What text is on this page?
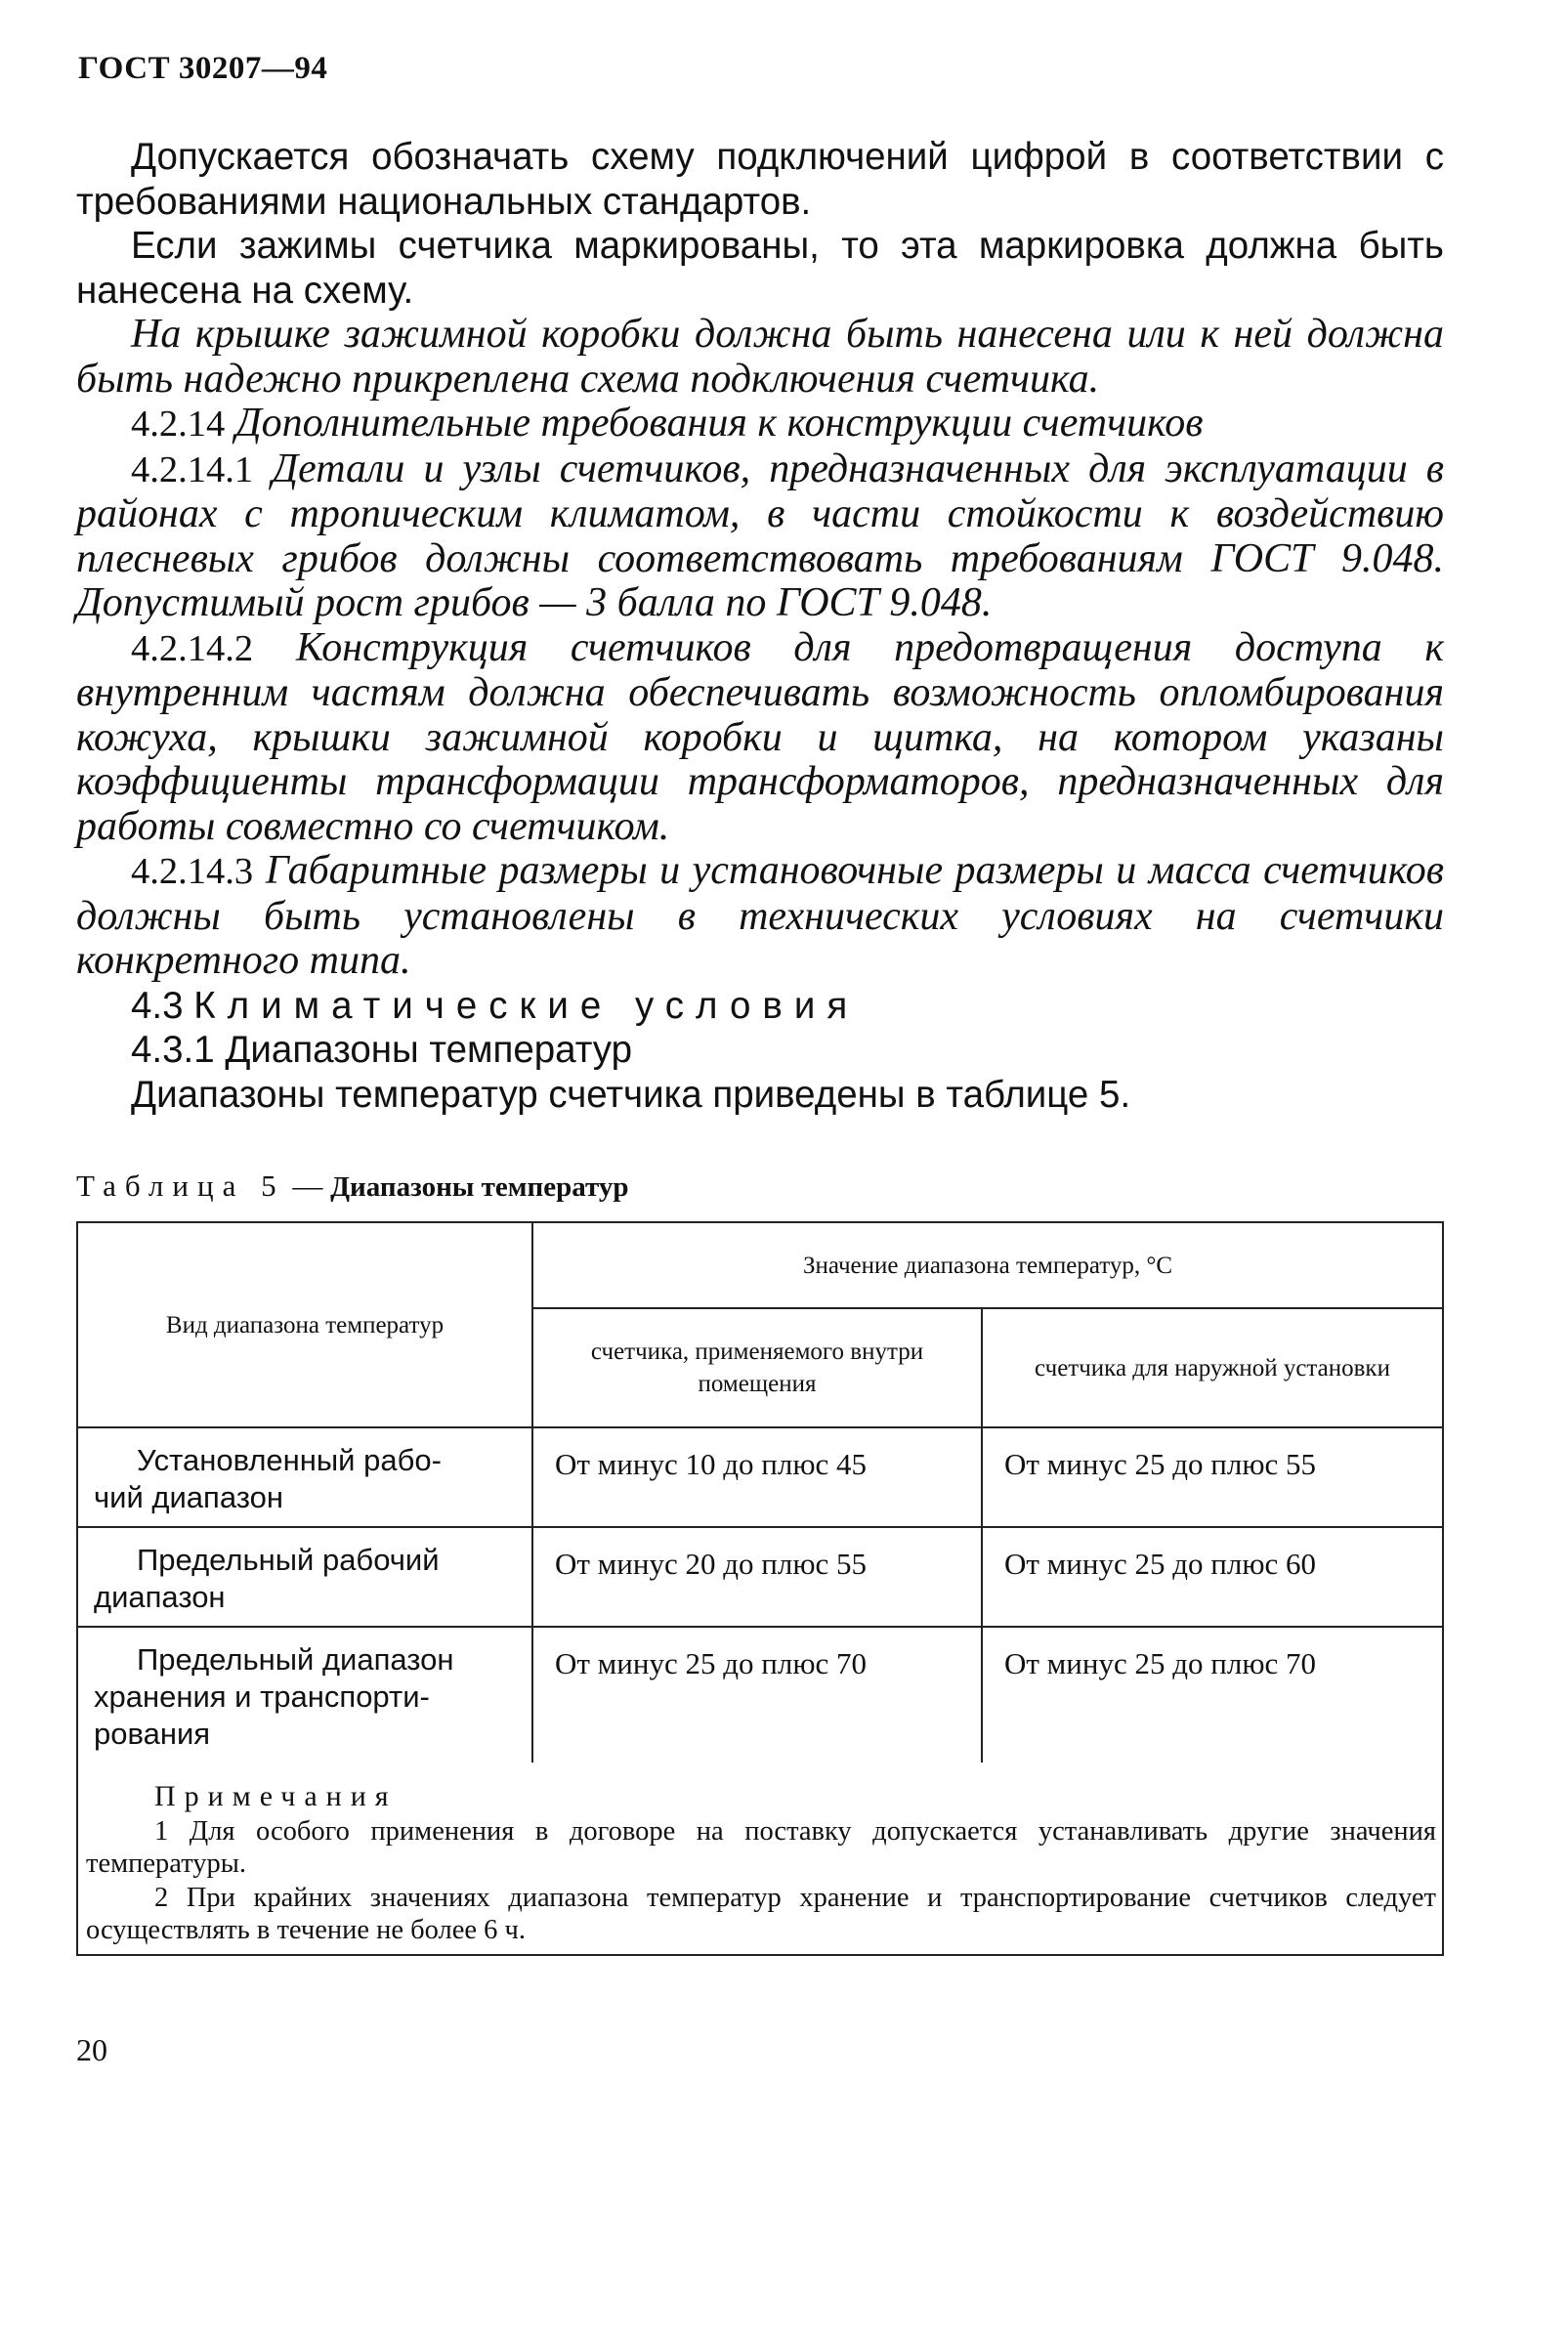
ГОСТ 30207—94

Допускается обозначать схему подключений цифрой в соответствии с требованиями национальных стандартов.

Если зажимы счетчика маркированы, то эта маркировка должна быть нанесена на схему.

На крышке зажимной коробки должна быть нанесена или к ней должна быть надежно прикреплена схема подключения счетчика.

4.2.14 Дополнительные требования к конструкции счетчиков

4.2.14.1 Детали и узлы счетчиков, предназначенных для эксплуатации в районах с тропическим климатом, в части стойкости к воздействию плесневых грибов должны соответствовать требованиям ГОСТ 9.048. Допустимый рост грибов — 3 балла по ГОСТ 9.048.

4.2.14.2 Конструкция счетчиков для предотвращения доступа к внутренним частям должна обеспечивать возможность опломбирования кожуха, крышки зажимной коробки и щитка, на котором указаны коэффициенты трансформации трансформаторов, предназначенных для работы совместно со счетчиком.

4.2.14.3 Габаритные размеры и установочные размеры и масса счетчиков должны быть установлены в технических условиях на счетчики конкретного типа.

4.3 Климатические условия

4.3.1 Диапазоны температур

Диапазоны температур счетчика приведены в таблице 5.

Таблица 5 — Диапазоны температур
Вид диапазона температур	Значение диапазона температур, °C	
	счетчика, применяемого внутри помещения	счетчика для наружной установки

Установленный рабо-
чий диапазон	От минус 10 до плюс 45	От минус 25 до плюс 55

Предельный рабочий
диапазон	От минус 20 до плюс 55	От минус 25 до плюс 60

Предельный диапазон
хранения и транспорти-рования	От минус 25 до плюс 70	От минус 25 до плюс 70

Примечания

1 Для особого применения в договоре на поставку допускается устанавливать другие значения температуры.

2 При крайних значениях диапазона температур хранение и транспортирование счетчиков следует осуществлять в течение не более 6 ч.		

20
